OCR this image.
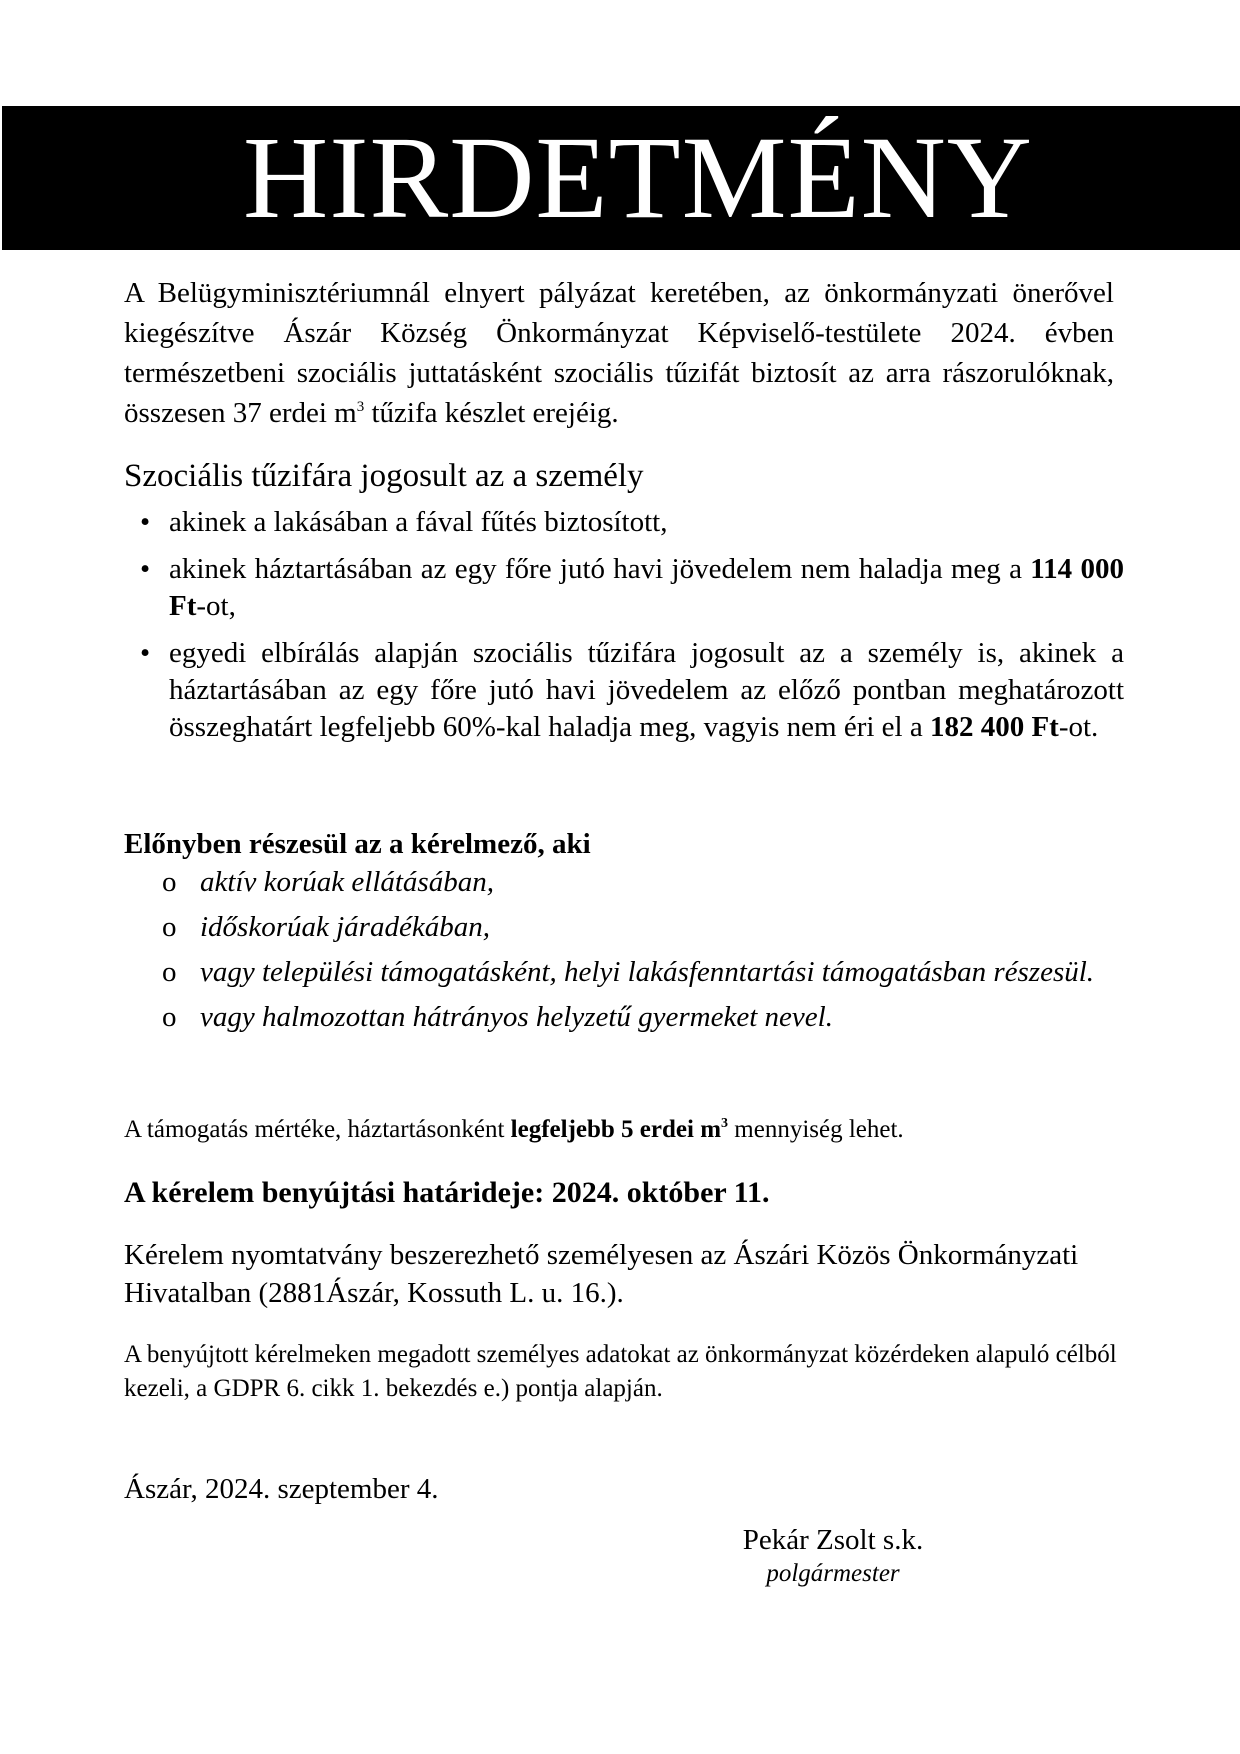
HIRDETMÉNY

A Belügyminisztériumnál elnyert pályázat keretében, az önkormányzati önerővel kiegészítve Ászár Község Önkormányzat Képviselő-testülete 2024. évben természetbeni szociális juttatásként szociális tűzifát biztosít az arra rászorulóknak, összesen 37 erdei $m^3$ tűzifa készlet erejéig.

Szociális tűzifára jogosult az a személy
• akinek a lakásában a fával fűtés biztosított,
• akinek háztartásában az egy főre jutó havi jövedelem nem haladja meg a 114 000 Ft-ot,
• egyedi elbírálás alapján szociális tűzifára jogosult az a személy is, akinek a háztartásában az egy főre jutó havi jövedelem az előző pontban meghatározott összeghatárt legfeljebb 60%-kal haladja meg, vagyis nem éri el a 182 400 Ft-ot.
Előnyben részesül az a kérelmező, aki
o aktív korúak ellátásában,
o időskorúak járadékában,
o vagy települési támogatásként, helyi lakásfenntartási támogatásban részesül.
o vagy halmozottan hátrányos helyzetű gyermeket nevel.
A támogatás mértéke, háztartásonként legfeljebb 5 erdei $m^3$ mennyiség lehet.
A kérelem benyújtási határideje: 2024. október 11.
Kérelem nyomtatvány beszerezhető személyesen az Ászári Közös Önkormányzati Hivatalban (2881Ászár, Kossuth L. u. 16.).
A benyújtott kérelmeken megadott személyes adatokat az önkormányzat közérdeken alapuló célból kezeli, a GDPR 6. cikk 1. bekezdés e.) pontja alapján.
Ászár, 2024. szeptember 4.
Pekár Zsolt s.k.
polgármester
